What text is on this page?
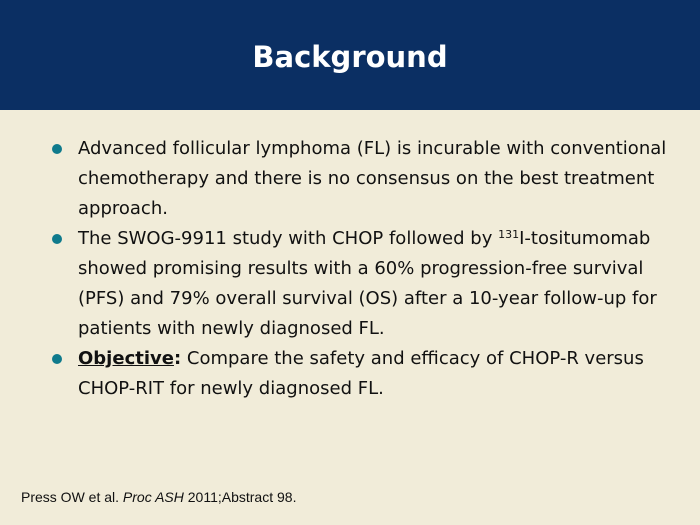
Background
Advanced follicular lymphoma (FL) is incurable with conventional chemotherapy and there is no consensus on the best treatment approach.
The SWOG-9911 study with CHOP followed by $^{131}$I-tositumomab showed promising results with a 60% progression-free survival (PFS) and 79% overall survival (OS) after a 10-year follow-up for patients with newly diagnosed FL.
Objective: Compare the safety and efficacy of CHOP-R versus CHOP-RIT for newly diagnosed FL.
Press OW et al. Proc ASH 2011;Abstract 98.
